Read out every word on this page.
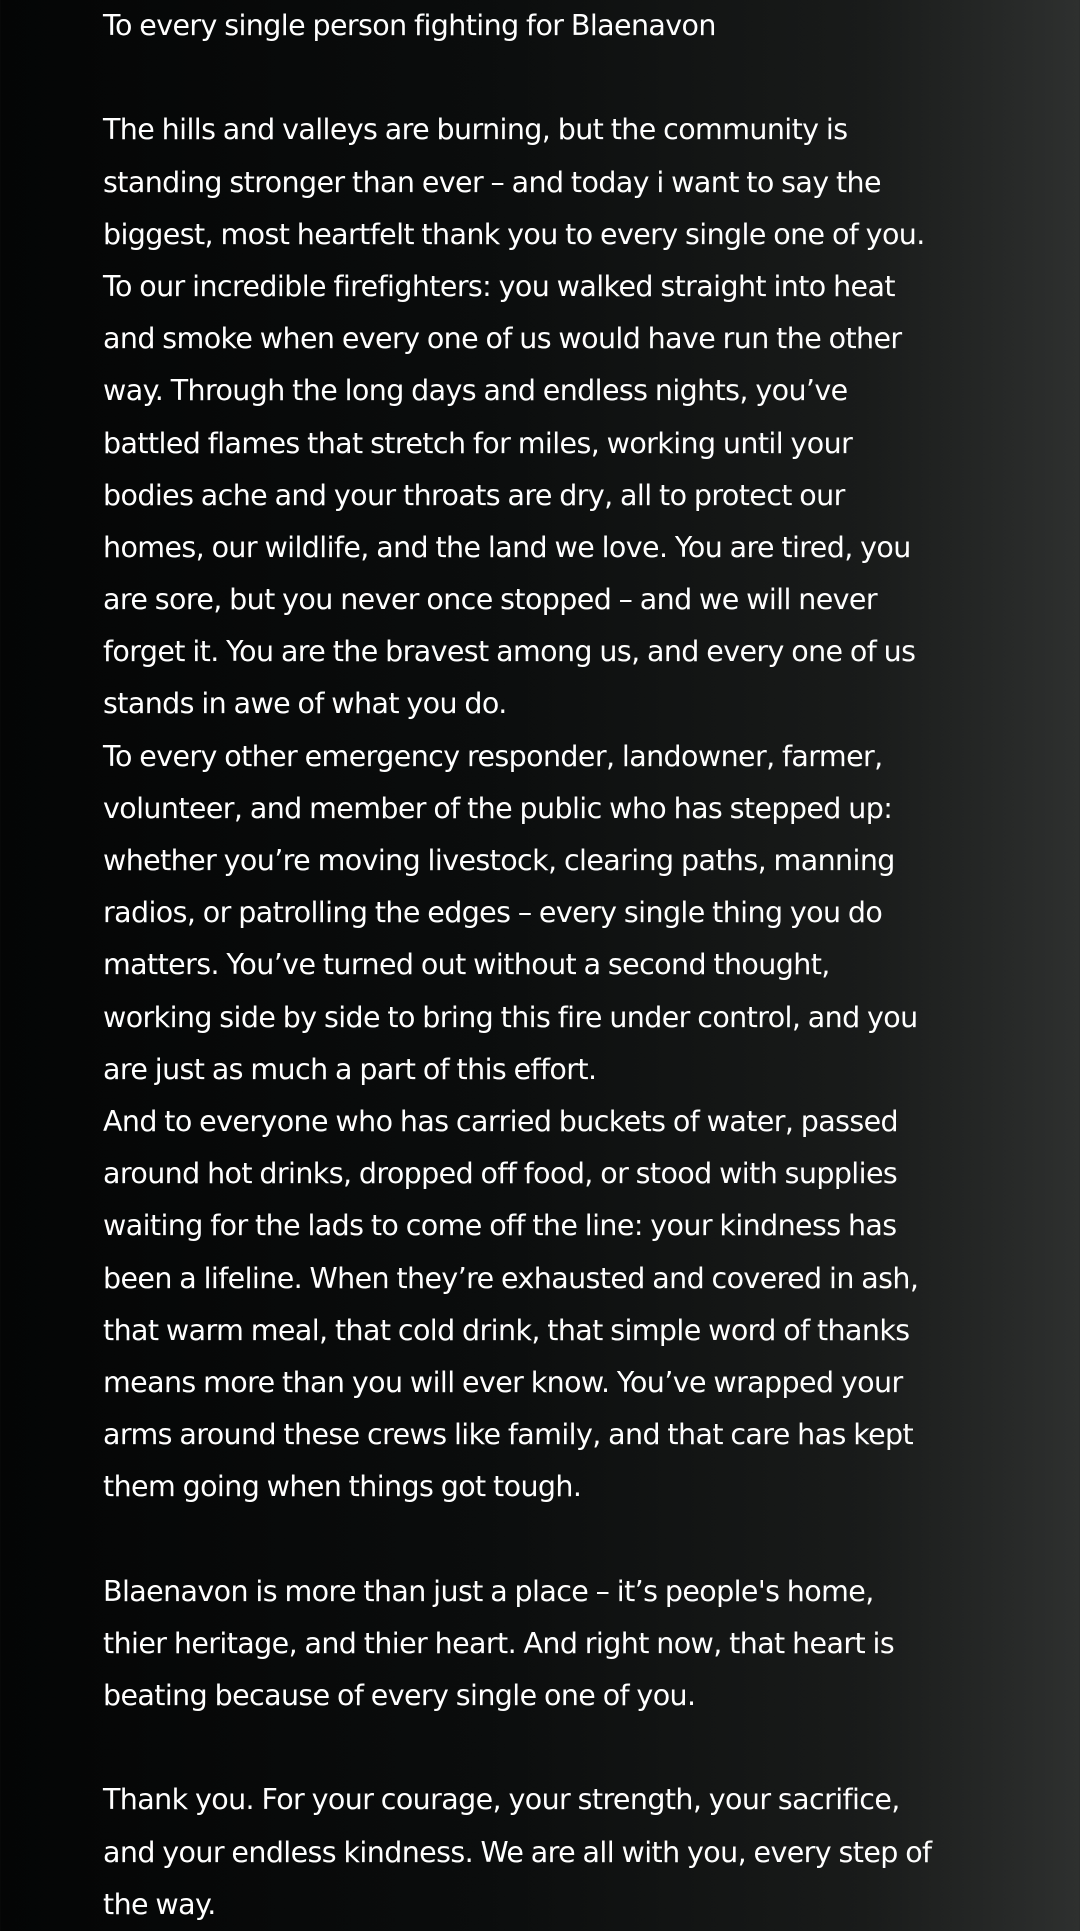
To every single person fighting for Blaenavon
The hills and valleys are burning, but the community is
standing stronger than ever – and today i want to say the
biggest, most heartfelt thank you to every single one of you.
To our incredible firefighters: you walked straight into heat
and smoke when every one of us would have run the other
way. Through the long days and endless nights, you’ve
battled flames that stretch for miles, working until your
bodies ache and your throats are dry, all to protect our
homes, our wildlife, and the land we love. You are tired, you
are sore, but you never once stopped – and we will never
forget it. You are the bravest among us, and every one of us
stands in awe of what you do.
To every other emergency responder, landowner, farmer,
volunteer, and member of the public who has stepped up:
whether you’re moving livestock, clearing paths, manning
radios, or patrolling the edges – every single thing you do
matters. You’ve turned out without a second thought,
working side by side to bring this fire under control, and you
are just as much a part of this effort.
And to everyone who has carried buckets of water, passed
around hot drinks, dropped off food, or stood with supplies
waiting for the lads to come off the line: your kindness has
been a lifeline. When they’re exhausted and covered in ash,
that warm meal, that cold drink, that simple word of thanks
means more than you will ever know. You’ve wrapped your
arms around these crews like family, and that care has kept
them going when things got tough.
Blaenavon is more than just a place – it’s people's home,
thier heritage, and thier heart. And right now, that heart is
beating because of every single one of you.
Thank you. For your courage, your strength, your sacrifice,
and your endless kindness. We are all with you, every step of
the way.
